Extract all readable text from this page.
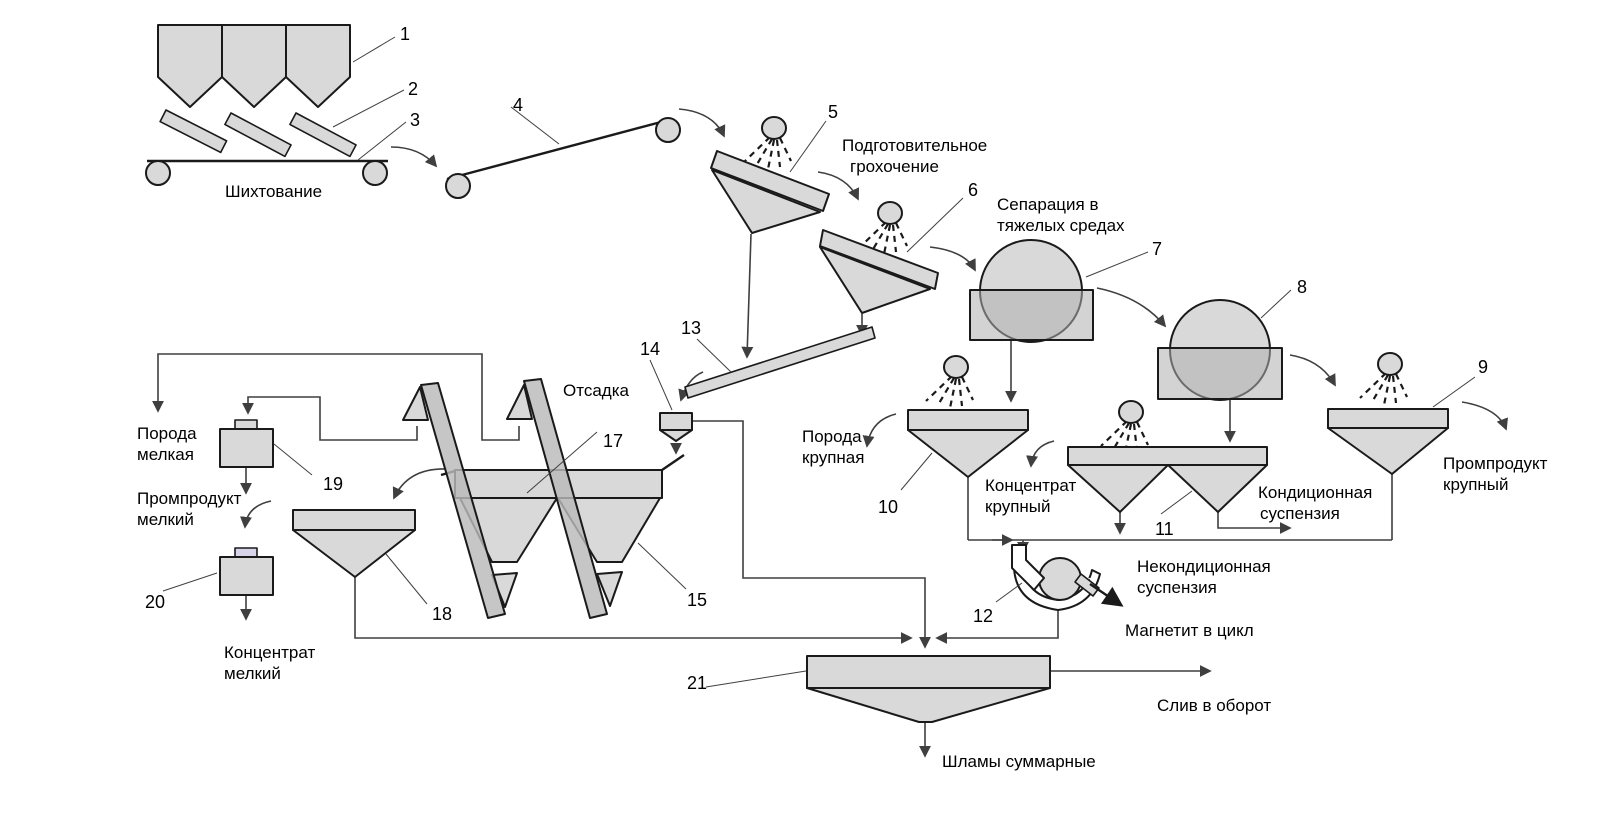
1
2
3
4	5
6
7
8
9
10
11
12
13
14
15
17
18
19
20
21
Шихтование
Подготовительное
грохочение
Сепарация в
тяжелых средах
Отсадка
Порода
мелкая
Промпродукт
мелкий
Концентрат
мелкий
Порода
крупная
Концентрат
крупный
Кондиционная
суспензия
Некондиционная
суспензия
Магнетит в цикл
Промпродукт
крупный
Слив в оборот
Шламы суммарные
